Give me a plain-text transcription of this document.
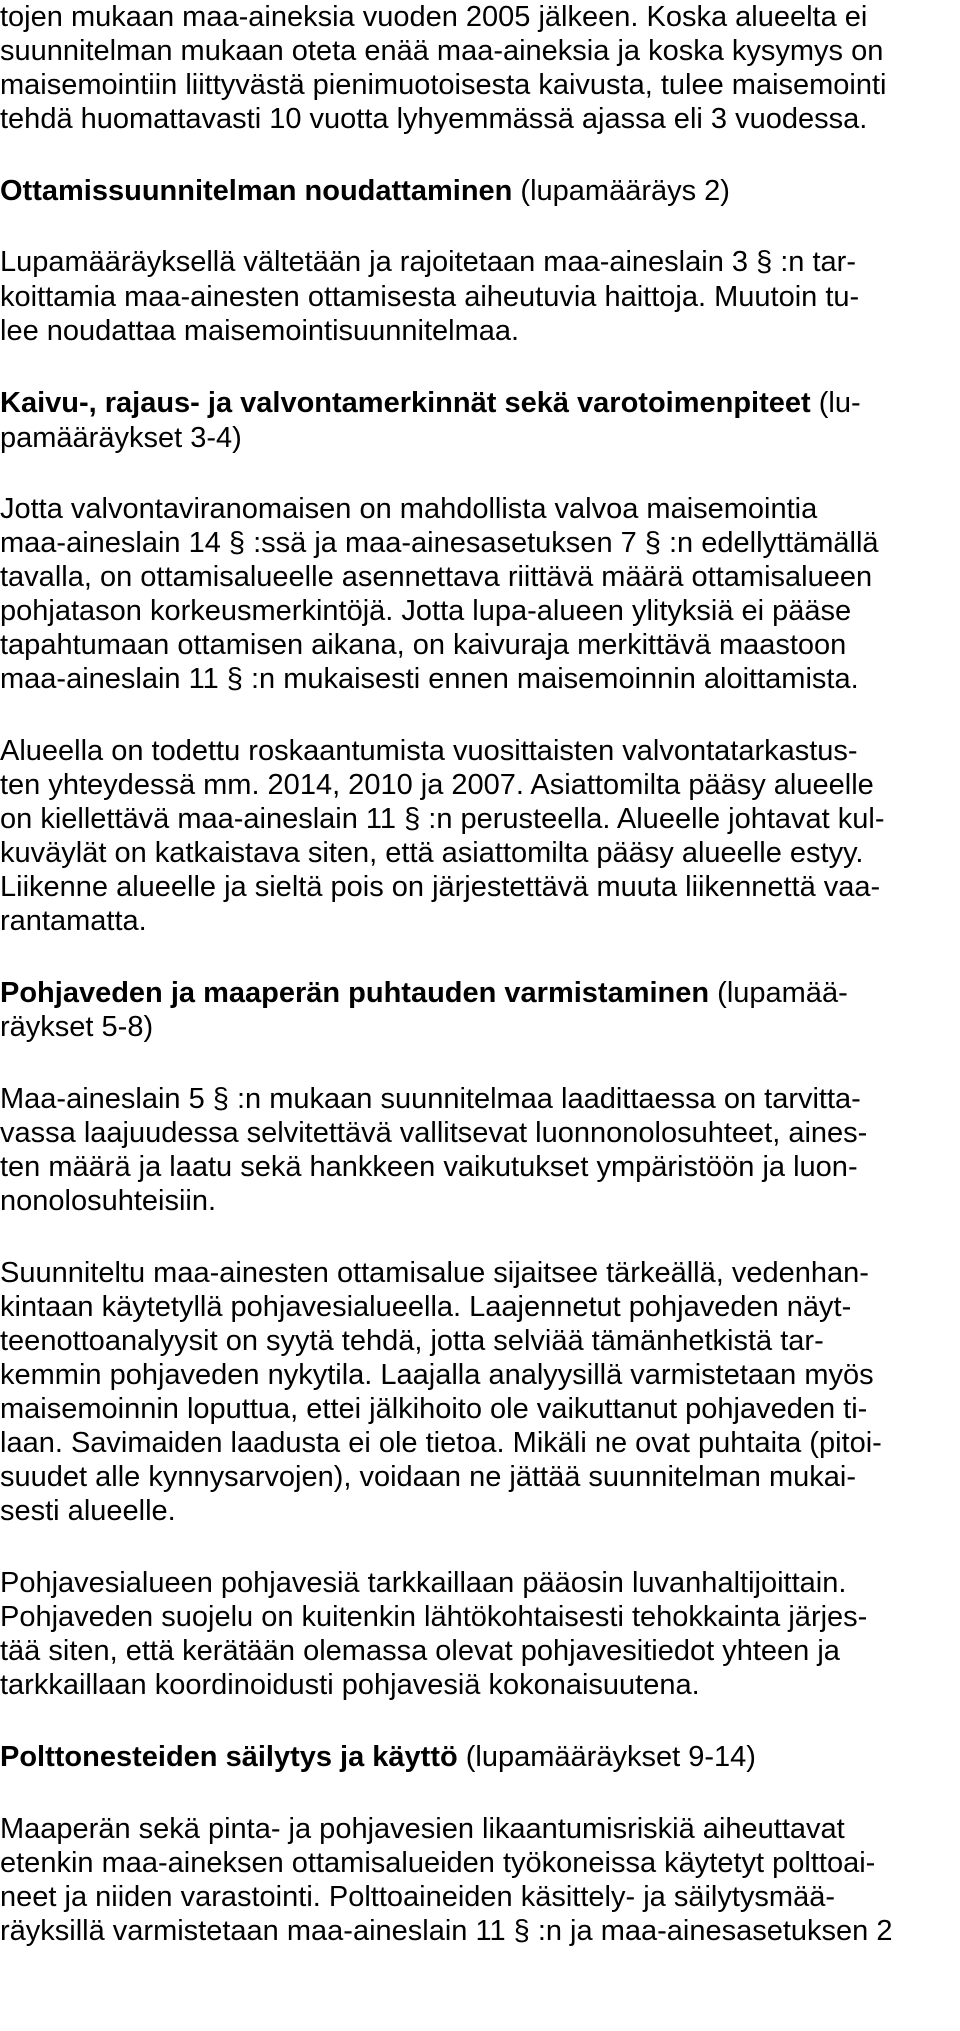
tojen mukaan maa-aineksia vuoden 2005 jälkeen. Koska alueelta ei
suunnitelman mukaan oteta enää maa-aineksia ja koska kysymys on
maisemointiin liittyvästä pienimuotoisesta kaivusta, tulee maisemointi
tehdä huomattavasti 10 vuotta lyhyemmässä ajassa eli 3 vuodessa.
Ottamissuunnitelman noudattaminen (lupamääräys 2)
Lupamääräyksellä vältetään ja rajoitetaan maa-aineslain 3 § :n tar-
koittamia maa-ainesten ottamisesta aiheutuvia haittoja. Muutoin tu-
lee noudattaa maisemointisuunnitelmaa.
Kaivu-, rajaus- ja valvontamerkinnät sekä varotoimenpiteet (lu-
pamääräykset 3-4)
Jotta valvontaviranomaisen on mahdollista valvoa maisemointia
maa-aineslain 14 § :ssä ja maa-ainesasetuksen 7 § :n edellyttämällä
tavalla, on ottamisalueelle asennettava riittävä määrä ottamisalueen
pohjatason korkeusmerkintöjä. Jotta lupa-alueen ylityksiä ei pääse
tapahtumaan ottamisen aikana, on kaivuraja merkittävä maastoon
maa-aineslain 11 § :n mukaisesti ennen maisemoinnin aloittamista.
Alueella on todettu roskaantumista vuosittaisten valvontatarkastus-
ten yhteydessä mm. 2014, 2010 ja 2007. Asiattomilta pääsy alueelle
on kiellettävä maa-aineslain 11 § :n perusteella. Alueelle johtavat kul-
kuväylät on katkaistava siten, että asiattomilta pääsy alueelle estyy.
Liikenne alueelle ja sieltä pois on järjestettävä muuta liikennettä vaa-
rantamatta.
Pohjaveden ja maaperän puhtauden varmistaminen (lupamää-
räykset 5-8)
Maa-aineslain 5 § :n mukaan suunnitelmaa laadittaessa on tarvitta-
vassa laajuudessa selvitettävä vallitsevat luonnonolosuhteet, aines-
ten määrä ja laatu sekä hankkeen vaikutukset ympäristöön ja luon-
nonolosuhteisiin.
Suunniteltu maa-ainesten ottamisalue sijaitsee tärkeällä, vedenhan-
kintaan käytetyllä pohjavesialueella. Laajennetut pohjaveden näyt-
teenottoanalyysit on syytä tehdä, jotta selviää tämänhetkistä tar-
kemmin pohjaveden nykytila. Laajalla analyysillä varmistetaan myös
maisemoinnin loputtua, ettei jälkihoito ole vaikuttanut pohjaveden ti-
laan. Savimaiden laadusta ei ole tietoa. Mikäli ne ovat puhtaita (pitoi-
suudet alle kynnysarvojen), voidaan ne jättää suunnitelman mukai-
sesti alueelle.
Pohjavesialueen pohjavesiä tarkkaillaan pääosin luvanhaltijoittain.
Pohjaveden suojelu on kuitenkin lähtökohtaisesti tehokkainta järjes-
tää siten, että kerätään olemassa olevat pohjavesitiedot yhteen ja
tarkkaillaan koordinoidusti pohjavesiä kokonaisuutena.
Polttonesteiden säilytys ja käyttö (lupamääräykset 9-14)
Maaperän sekä pinta- ja pohjavesien likaantumisriskiä aiheuttavat
etenkin maa-aineksen ottamisalueiden työkoneissa käytetyt polttoai-
neet ja niiden varastointi. Polttoaineiden käsittely- ja säilytysmää-
räyksillä varmistetaan maa-aineslain 11 § :n ja maa-ainesasetuksen 2
